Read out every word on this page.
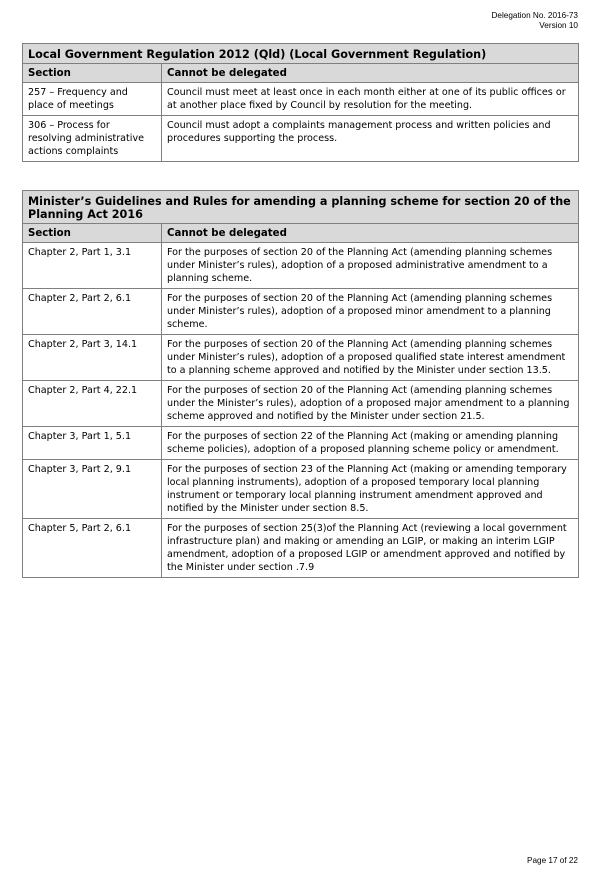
Delegation No. 2016-73
Version 10
Local Government Regulation 2012 (Qld) (Local Government Regulation)	
Section	Cannot be delegated
257 – Frequency and place of meetings	Council must meet at least once in each month either at one of its public offices or at another place fixed by Council by resolution for the meeting.
306 – Process for resolving administrative actions complaints	Council must adopt a complaints management process and written policies and procedures supporting the process.
Minister’s Guidelines and Rules for amending a planning scheme for section 20 of the Planning Act 2016	
Section	Cannot be delegated
Chapter 2, Part 1, 3.1	For the purposes of section 20 of the Planning Act (amending planning schemes under Minister’s rules), adoption of a proposed administrative amendment to a planning scheme.
Chapter 2, Part 2, 6.1	For the purposes of section 20 of the Planning Act (amending planning schemes under Minister’s rules), adoption of a proposed minor amendment to a planning scheme.
Chapter 2, Part 3, 14.1	For the purposes of section 20 of the Planning Act (amending planning schemes under Minister’s rules), adoption of a proposed qualified state interest amendment to a planning scheme approved and notified by the Minister under section 13.5.
Chapter 2, Part 4, 22.1	For the purposes of section 20 of the Planning Act (amending planning schemes under the Minister’s rules), adoption of a proposed major amendment to a planning scheme approved and notified by the Minister under section 21.5.
Chapter 3, Part 1, 5.1	For the purposes of section 22 of the Planning Act (making or amending planning scheme policies), adoption of a proposed planning scheme policy or amendment.
Chapter 3, Part 2, 9.1	For the purposes of section 23 of the Planning Act (making or amending temporary local planning instruments), adoption of a proposed temporary local planning instrument or temporary local planning instrument amendment approved and notified by the Minister under section 8.5.
Chapter 5, Part 2, 6.1	For the purposes of section 25(3)of the Planning Act (reviewing a local government infrastructure plan) and making or amending an LGIP, or making an interim LGIP amendment, adoption of a proposed LGIP or amendment approved and notified by the Minister under section .7.9
Page 17 of 22
